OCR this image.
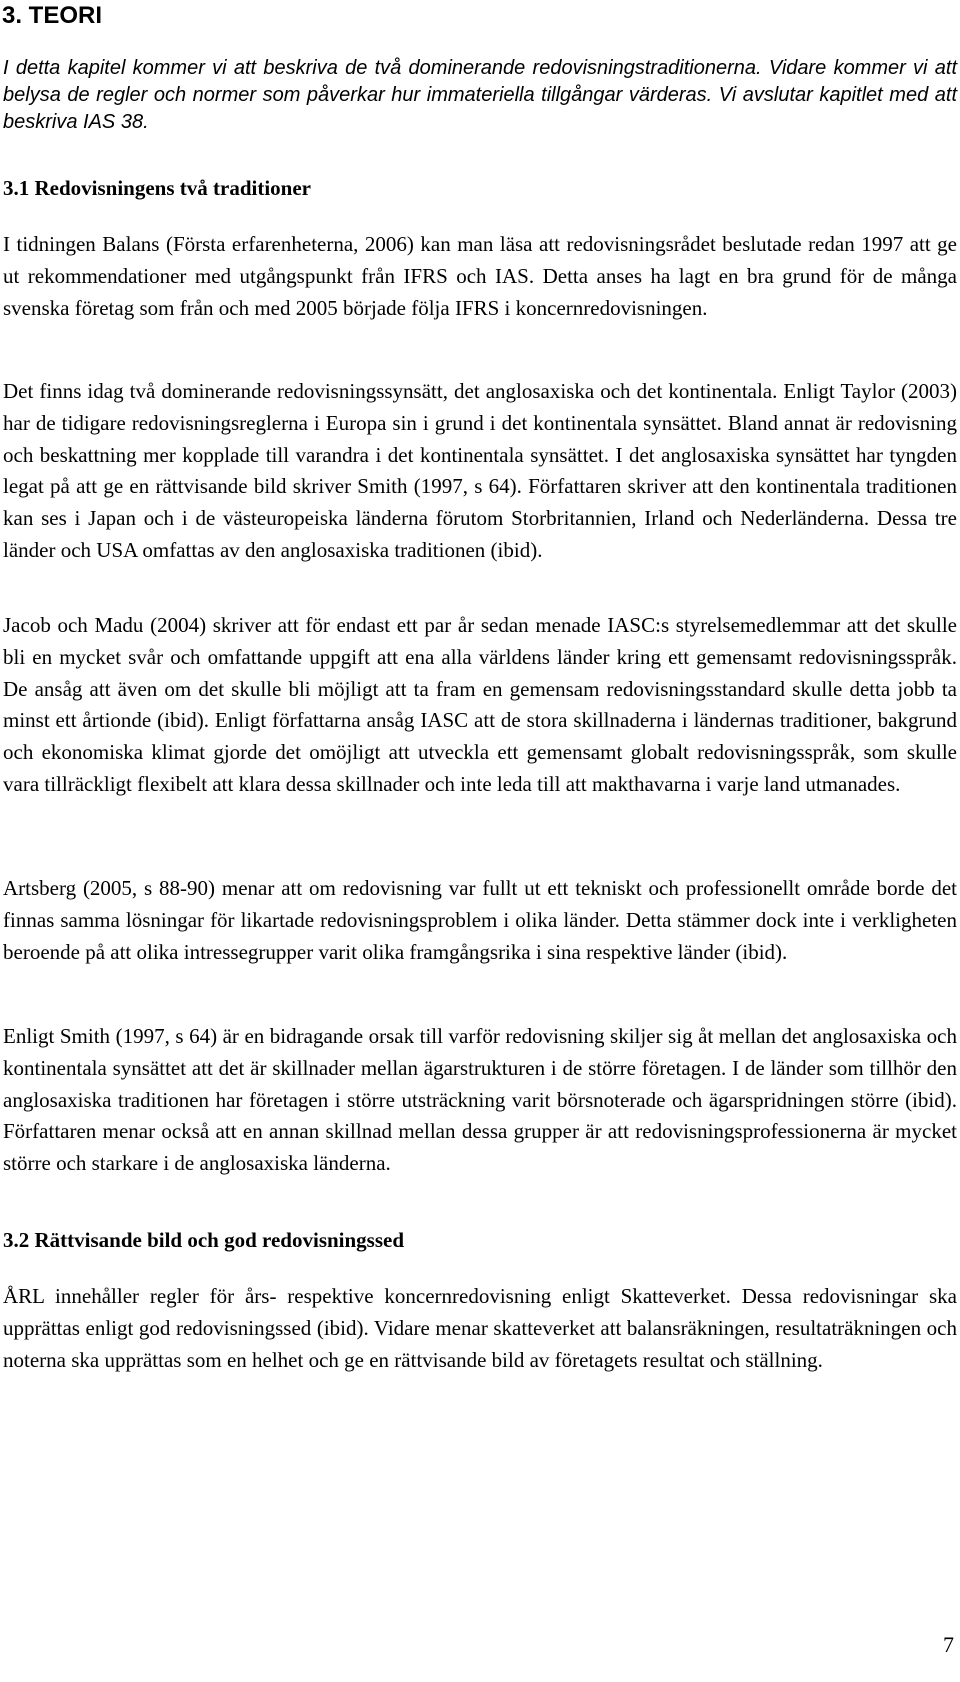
3. TEORI

I detta kapitel kommer vi att beskriva de två dominerande redovisningstraditionerna. Vidare kommer vi att belysa de regler och normer som påverkar hur immateriella tillgångar värderas. Vi avslutar kapitlet med att beskriva IAS 38.

3.1 Redovisningens två traditioner

I tidningen Balans (Första erfarenheterna, 2006) kan man läsa att redovisningsrådet beslutade redan 1997 att ge ut rekommendationer med utgångspunkt från IFRS och IAS. Detta anses ha lagt en bra grund för de många svenska företag som från och med 2005 började följa IFRS i koncernredovisningen.

Det finns idag två dominerande redovisningssynsätt, det anglosaxiska och det kontinentala. Enligt Taylor (2003) har de tidigare redovisningsreglerna i Europa sin i grund i det kontinentala synsättet. Bland annat är redovisning och beskattning mer kopplade till varandra i det kontinentala synsättet. I det anglosaxiska synsättet har tyngden legat på att ge en rättvisande bild skriver Smith (1997, s 64). Författaren skriver att den kontinentala traditionen kan ses i Japan och i de västeuropeiska länderna förutom Storbritannien, Irland och Nederländerna. Dessa tre länder och USA omfattas av den anglosaxiska traditionen (ibid).

Jacob och Madu (2004) skriver att för endast ett par år sedan menade IASC:s styrelsemedlemmar att det skulle bli en mycket svår och omfattande uppgift att ena alla världens länder kring ett gemensamt redovisningsspråk. De ansåg att även om det skulle bli möjligt att ta fram en gemensam redovisningsstandard skulle detta jobb ta minst ett årtionde (ibid). Enligt författarna ansåg IASC att de stora skillnaderna i ländernas traditioner, bakgrund och ekonomiska klimat gjorde det omöjligt att utveckla ett gemensamt globalt redovisningsspråk, som skulle vara tillräckligt flexibelt att klara dessa skillnader och inte leda till att makthavarna i varje land utmanades.

Artsberg (2005, s 88-90) menar att om redovisning var fullt ut ett tekniskt och professionellt område borde det finnas samma lösningar för likartade redovisningsproblem i olika länder. Detta stämmer dock inte i verkligheten beroende på att olika intressegrupper varit olika framgångsrika i sina respektive länder (ibid).

Enligt Smith (1997, s 64) är en bidragande orsak till varför redovisning skiljer sig åt mellan det anglosaxiska och kontinentala synsättet att det är skillnader mellan ägarstrukturen i de större företagen. I de länder som tillhör den anglosaxiska traditionen har företagen i större utsträckning varit börsnoterade och ägarspridningen större (ibid). Författaren menar också att en annan skillnad mellan dessa grupper är att redovisningsprofessionerna är mycket större och starkare i de anglosaxiska länderna.

3.2 Rättvisande bild och god redovisningssed

ÅRL innehåller regler för års- respektive koncernredovisning enligt Skatteverket. Dessa redovisningar ska upprättas enligt god redovisningssed (ibid). Vidare menar skatteverket att balansräkningen, resultaträkningen och noterna ska upprättas som en helhet och ge en rättvisande bild av företagets resultat och ställning.

7
